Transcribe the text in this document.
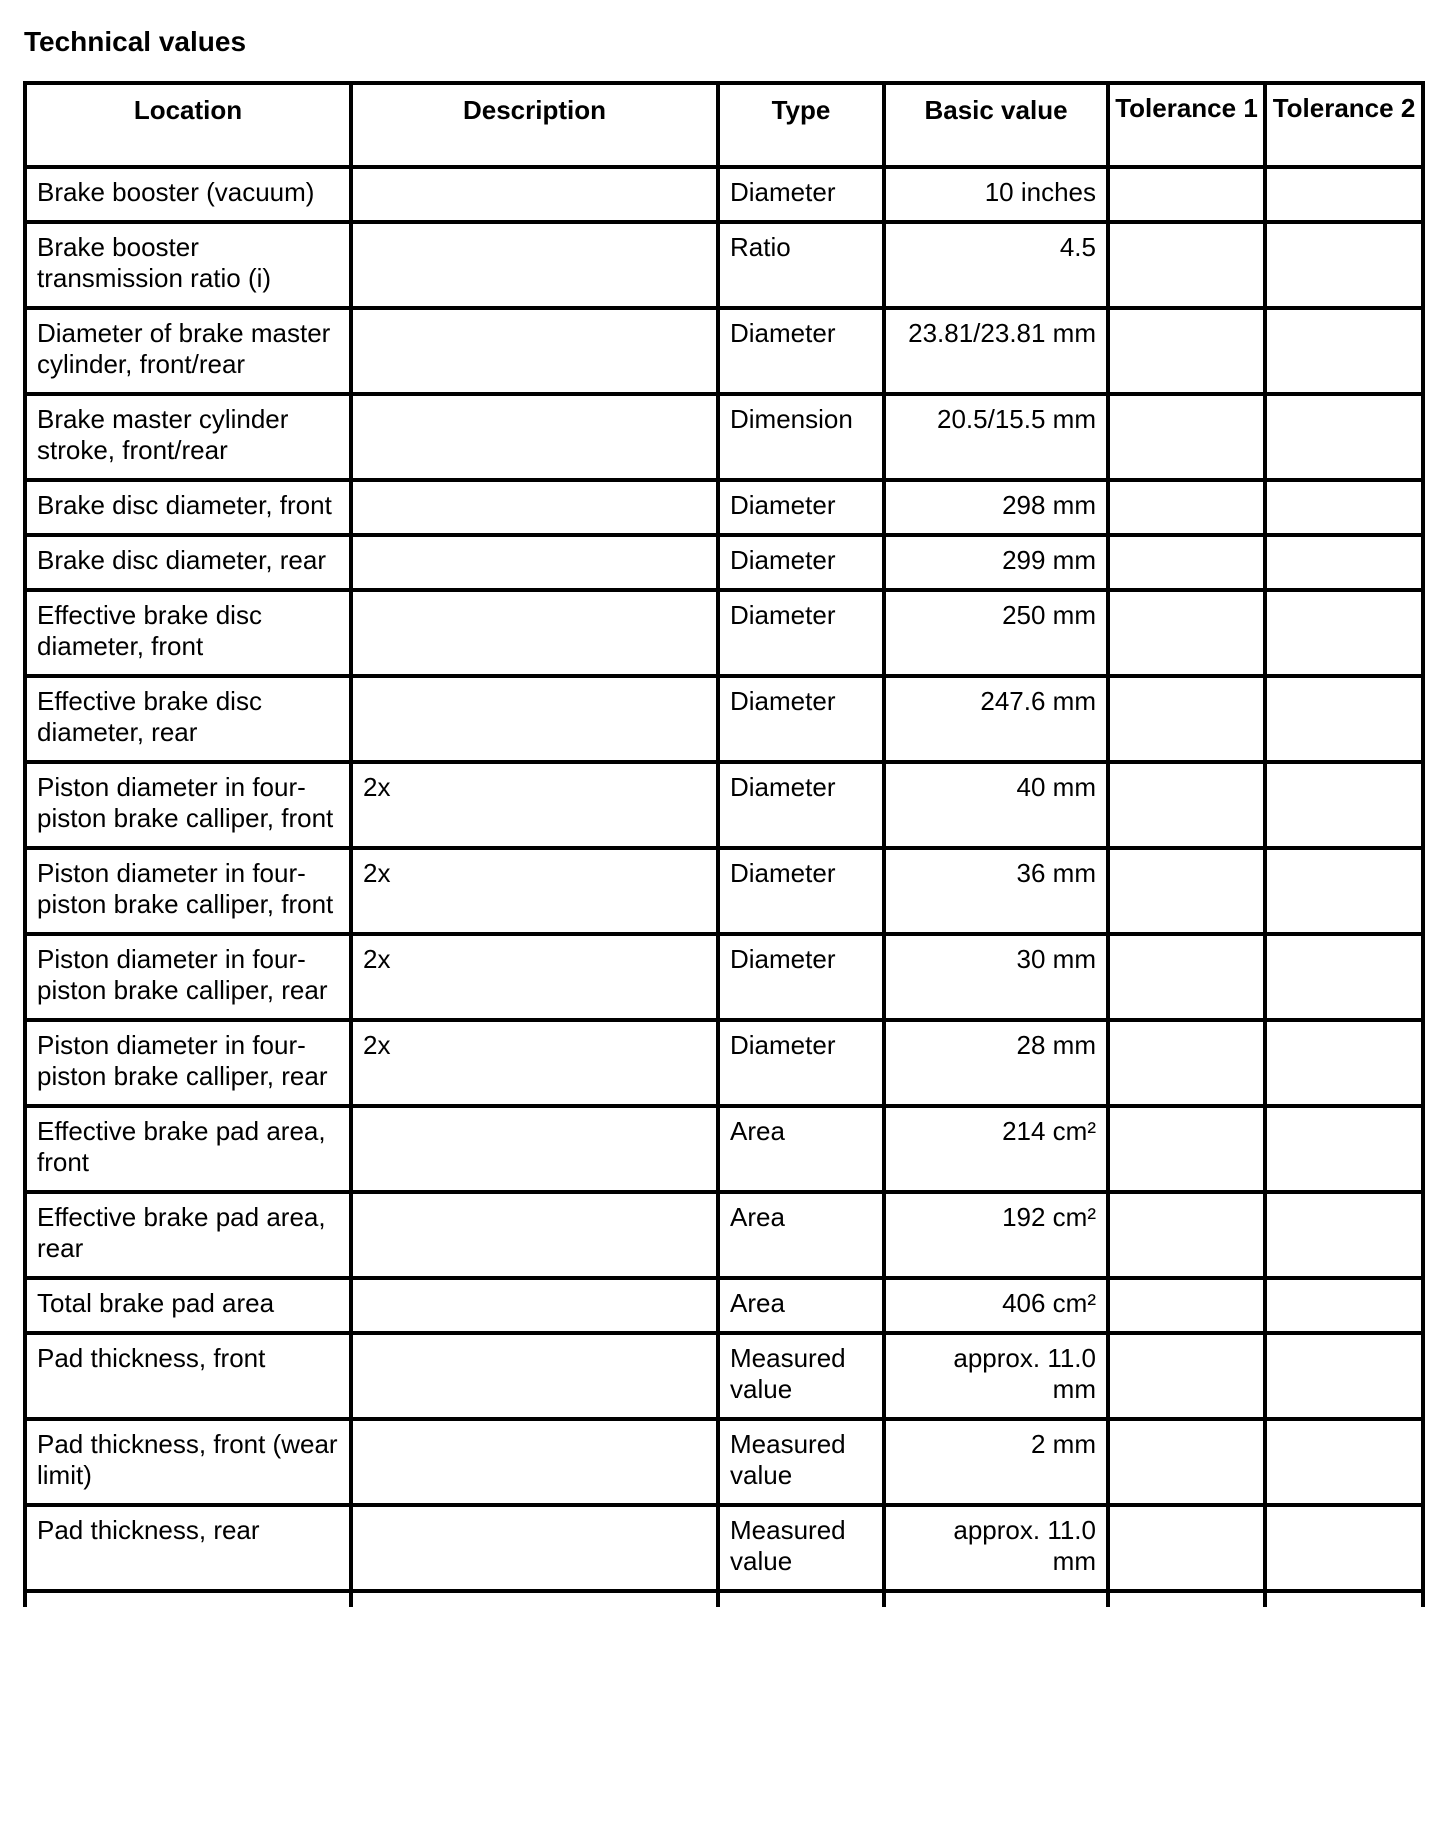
Technical values
Location	Description	Type	Basic value	Tolerance 1	Tolerance 2
Brake booster (vacuum)		Diameter	10 inches		
Brake booster transmission ratio (i)		Ratio	4.5		
Diameter of brake master cylinder, front/rear		Diameter	23.81/23.81 mm		
Brake master cylinder stroke, front/rear		Dimension	20.5/15.5 mm		
Brake disc diameter, front		Diameter	298 mm		
Brake disc diameter, rear		Diameter	299 mm		
Effective brake disc diameter, front		Diameter	250 mm		
Effective brake disc diameter, rear		Diameter	247.6 mm		
Piston diameter in four-piston brake calliper, front	2x	Diameter	40 mm		
Piston diameter in four-piston brake calliper, front	2x	Diameter	36 mm		
Piston diameter in four-piston brake calliper, rear	2x	Diameter	30 mm		
Piston diameter in four-piston brake calliper, rear	2x	Diameter	28 mm		
Effective brake pad area, front		Area	214 cm²		
Effective brake pad area, rear		Area	192 cm²		
Total brake pad area		Area	406 cm²		
Pad thickness, front		Measured value	approx. 11.0 mm		
Pad thickness, front (wear limit)		Measured value	2 mm		
Pad thickness, rear		Measured value	approx. 11.0 mm		
